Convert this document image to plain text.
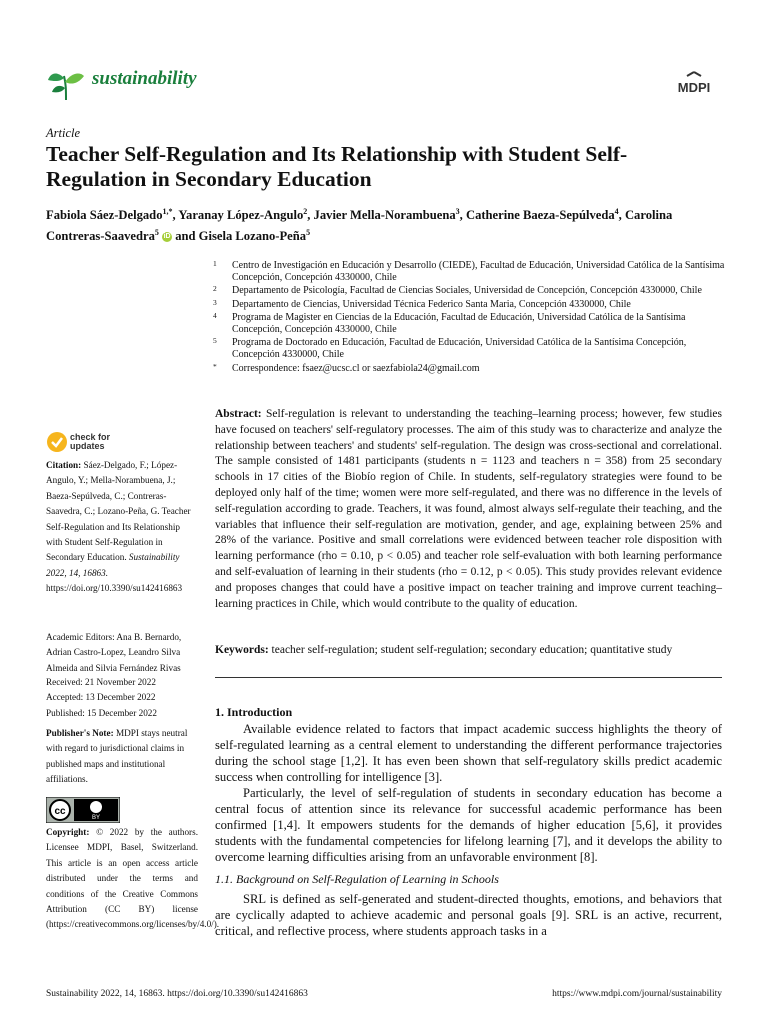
sustainability	MDPI
Article
Teacher Self-Regulation and Its Relationship with Student Self-Regulation in Secondary Education
Fabiola Sáez-Delgado$^{1,*}$, Yaranay López-Angulo$^2$, Javier Mella-Norambuena$^3$, Catherine Baeza-Sepúlveda$^4$, Carolina Contreras-Saavedra$^5$ iD and Gisela Lozano-Peña$^5$
1 Centro de Investigación en Educación y Desarrollo (CIEDE), Facultad de Educación, Universidad Católica de la Santísima Concepción, Concepción 4330000, Chile
2 Departamento de Psicología, Facultad de Ciencias Sociales, Universidad de Concepción, Concepción 4330000, Chile
3 Departamento de Ciencias, Universidad Técnica Federico Santa Maria, Concepción 4330000, Chile
4 Programa de Magister en Ciencias de la Educación, Facultad de Educación, Universidad Católica de la Santísima Concepción, Concepción 4330000, Chile
5 Programa de Doctorado en Educación, Facultad de Educación, Universidad Católica de la Santísima Concepción, Concepción 4330000, Chile
* Correspondence: fsaez@ucsc.cl or saezfabiola24@gmail.com
check for updates
Citation: Sáez-Delgado, F.; López-Angulo, Y.; Mella-Norambuena, J.; Baeza-Sepúlveda, C.; Contreras-Saavedra, C.; Lozano-Peña, G. Teacher Self-Regulation and Its Relationship with Student Self-Regulation in Secondary Education. Sustainability 2022, 14, 16863. https://doi.org/10.3390/su142416863
Academic Editors: Ana B. Bernardo, Adrian Castro-Lopez, Leandro Silva Almeida and Silvia Fernández Rivas
Received: 21 November 2022
Accepted: 13 December 2022
Published: 15 December 2022
Publisher's Note: MDPI stays neutral with regard to jurisdictional claims in published maps and institutional affiliations.
cc
BY
Copyright: © 2022 by the authors. Licensee MDPI, Basel, Switzerland. This article is an open access article distributed under the terms and conditions of the Creative Commons Attribution (CC BY) license (https://creativecommons.org/licenses/by/4.0/).
Abstract: Self-regulation is relevant to understanding the teaching–learning process; however, few studies have focused on teachers' self-regulatory processes. The aim of this study was to characterize and analyze the relationship between teachers' and students' self-regulation. The design was cross-sectional and correlational. The sample consisted of 1481 participants (students n = 1123 and teachers n = 358) from 25 secondary schools in 17 cities of the Biobío region of Chile. In students, self-regulatory strategies were found to be deployed only half of the time; women were more self-regulated, and there was no difference in the levels of self-regulation according to grade. Teachers, it was found, almost always self-regulate their teaching, and the variables that influence their self-regulation are motivation, gender, and age, explaining between 25% and 28% of the variance. Positive and small correlations were evidenced between teacher role disposition with learning performance (rho = 0.10, p < 0.05) and teacher role self-evaluation with both learning performance and self-evaluation of learning in their students (rho = 0.12, p < 0.05). This study provides relevant evidence and proposes changes that could have a positive impact on teacher training and improve current teaching–learning practices in Chile, which would contribute to the quality of education.
Keywords: teacher self-regulation; student self-regulation; secondary education; quantitative study
1. Introduction
Available evidence related to factors that impact academic success highlights the theory of self-regulated learning as a central element to understanding the different performance trajectories during the school stage [1,2]. It has even been shown that self-regulatory skills predict academic success when controlling for intelligence [3].
Particularly, the level of self-regulation of students in secondary education has become a central focus of attention since its relevance for successful academic performance has been confirmed [1,4]. It empowers students for the demands of higher education [5,6], it provides students with the fundamental competencies for lifelong learning [7], and it develops the ability to overcome learning difficulties arising from an unfavorable environment [8].
1.1. Background on Self-Regulation of Learning in Schools
SRL is defined as self-generated and student-directed thoughts, emotions, and behaviors that are cyclically adapted to achieve academic and personal goals [9]. SRL is an active, recurrent, critical, and reflective process, where students approach tasks in a
Sustainability 2022, 14, 16863. https://doi.org/10.3390/su142416863	https://www.mdpi.com/journal/sustainability
